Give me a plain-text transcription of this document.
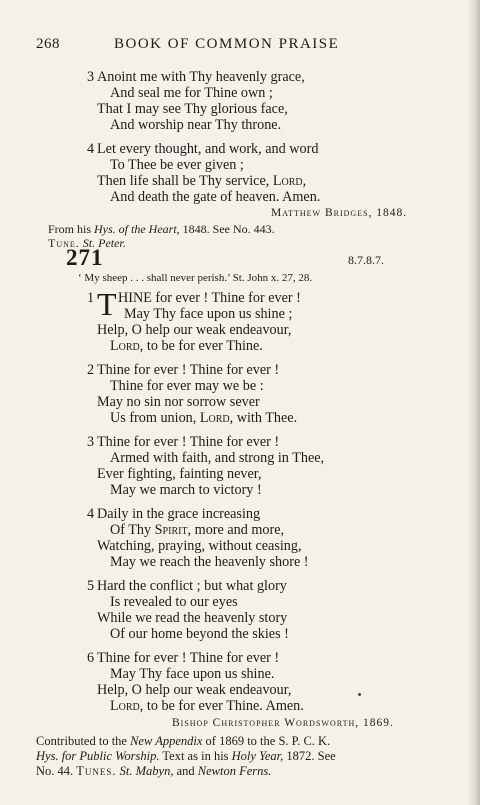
268	BOOK OF COMMON PRAISE
3 Anoint me with Thy heavenly grace,
And seal me for Thine own ;
That I may see Thy glorious face,
And worship near Thy throne.
4 Let every thought, and work, and word
To Thee be ever given ;
Then life shall be Thy service, Lord,
And death the gate of heaven. Amen.
Matthew Bridges, 1848.
From his Hys. of the Heart, 1848. See No. 443.
Tune. St. Peter.
271	8.7.8.7.
‘ My sheep . . . shall never perish.’ St. John x. 27, 28.
1 T HINE for ever ! Thine for ever !
May Thy face upon us shine ;
Help, O help our weak endeavour,
Lord, to be for ever Thine.
2 Thine for ever ! Thine for ever !
Thine for ever may we be :
May no sin nor sorrow sever
Us from union, Lord, with Thee.
3 Thine for ever ! Thine for ever !
Armed with faith, and strong in Thee,
Ever fighting, fainting never,
May we march to victory !
4 Daily in the grace increasing
Of Thy Spirit, more and more,
Watching, praying, without ceasing,
May we reach the heavenly shore !
5 Hard the conflict ; but what glory
Is revealed to our eyes
While we read the heavenly story
Of our home beyond the skies !
6 Thine for ever ! Thine for ever !
May Thy face upon us shine.
Help, O help our weak endeavour,
Lord, to be for ever Thine. Amen.
Bishop Christopher Wordsworth, 1869.
Contributed to the New Appendix of 1869 to the S. P. C. K.
Hys. for Public Worship. Text as in his Holy Year, 1872. See
No. 44. Tunes. St. Mabyn, and Newton Ferns.
